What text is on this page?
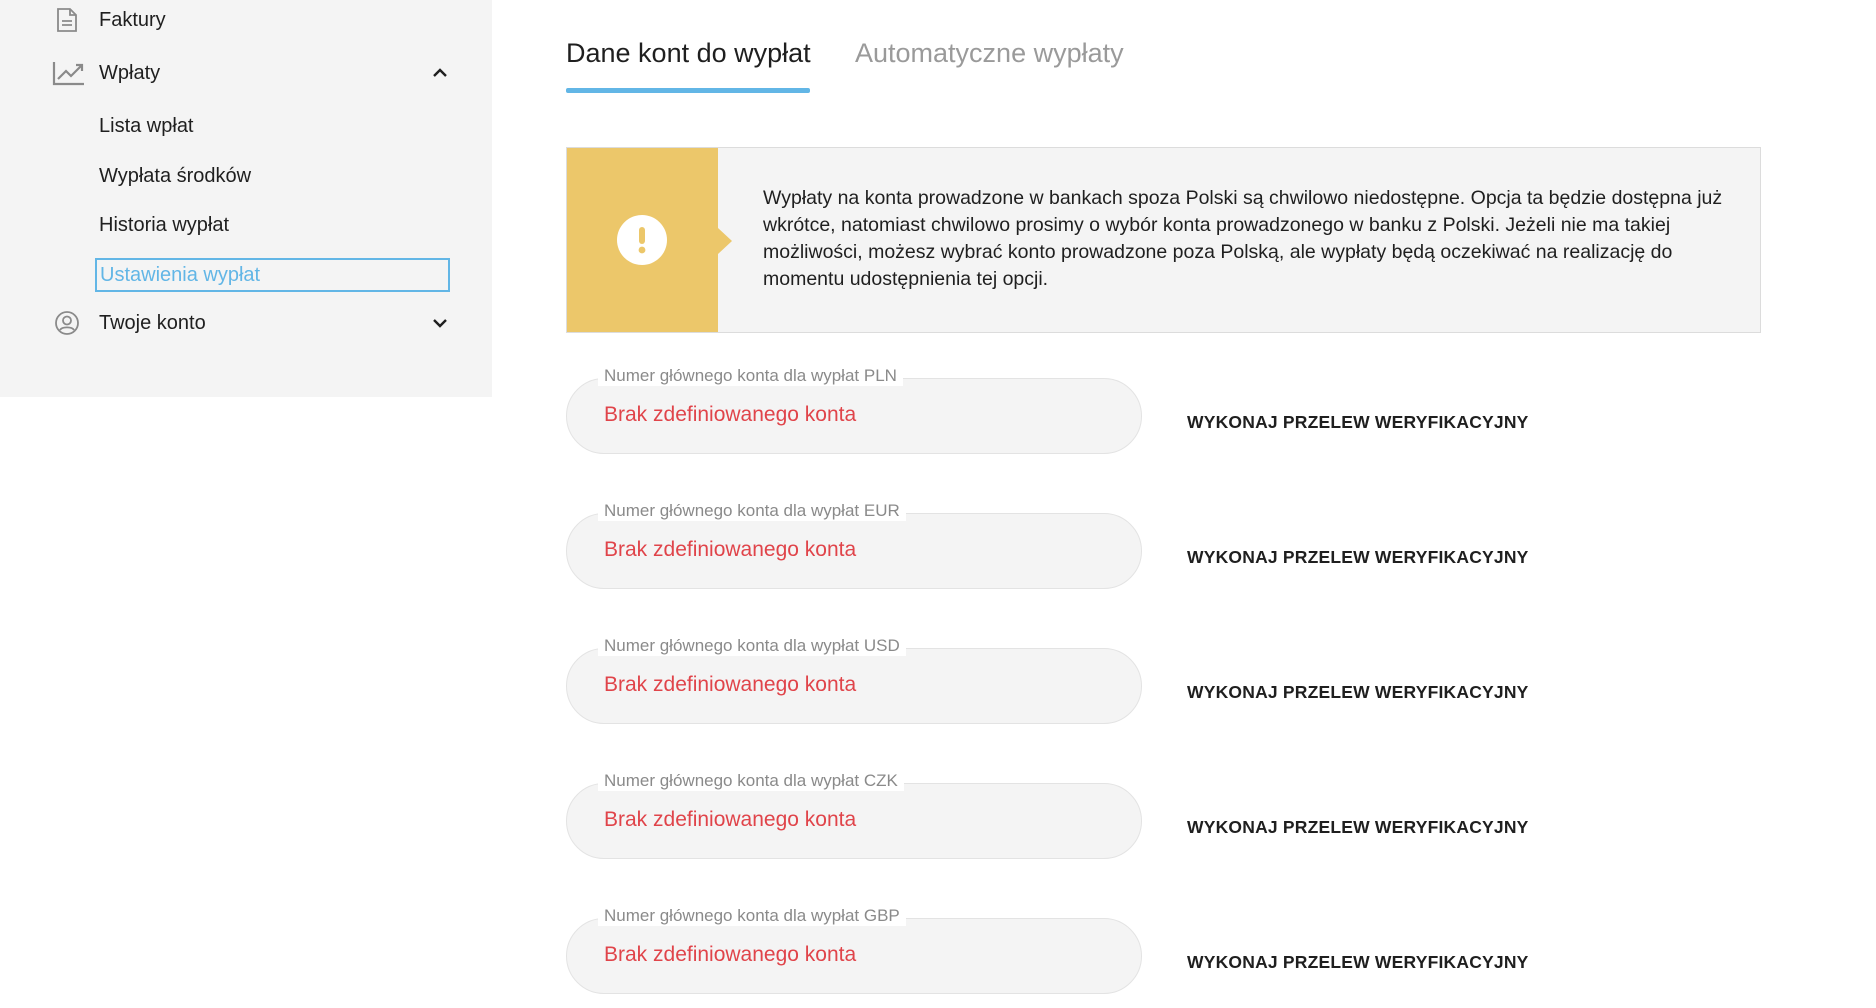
Faktury
Wpłaty
Lista wpłat
Wypłata środków
Historia wypłat
Ustawienia wypłat
Twoje konto
Dane kont do wypłat Automatyczne wypłaty

Wypłaty na konta prowadzone w bankach spoza Polski są chwilowo niedostępne. Opcja ta będzie dostępna już wkrótce, natomiast chwilowo prosimy o wybór konta prowadzonego w banku z Polski. Jeżeli nie ma takiej możliwości, możesz wybrać konto prowadzone poza Polską, ale wypłaty będą oczekiwać na realizację do momentu udostępnienia tej opcji.

Numer głównego konta dla wypłat PLN
Brak zdefiniowanego konta	WYKONAJ PRZELEW WERYFIKACYJNY
Numer głównego konta dla wypłat EUR
Brak zdefiniowanego konta	WYKONAJ PRZELEW WERYFIKACYJNY
Numer głównego konta dla wypłat USD
Brak zdefiniowanego konta	WYKONAJ PRZELEW WERYFIKACYJNY
Numer głównego konta dla wypłat CZK
Brak zdefiniowanego konta	WYKONAJ PRZELEW WERYFIKACYJNY
Numer głównego konta dla wypłat GBP
Brak zdefiniowanego konta	WYKONAJ PRZELEW WERYFIKACYJNY
